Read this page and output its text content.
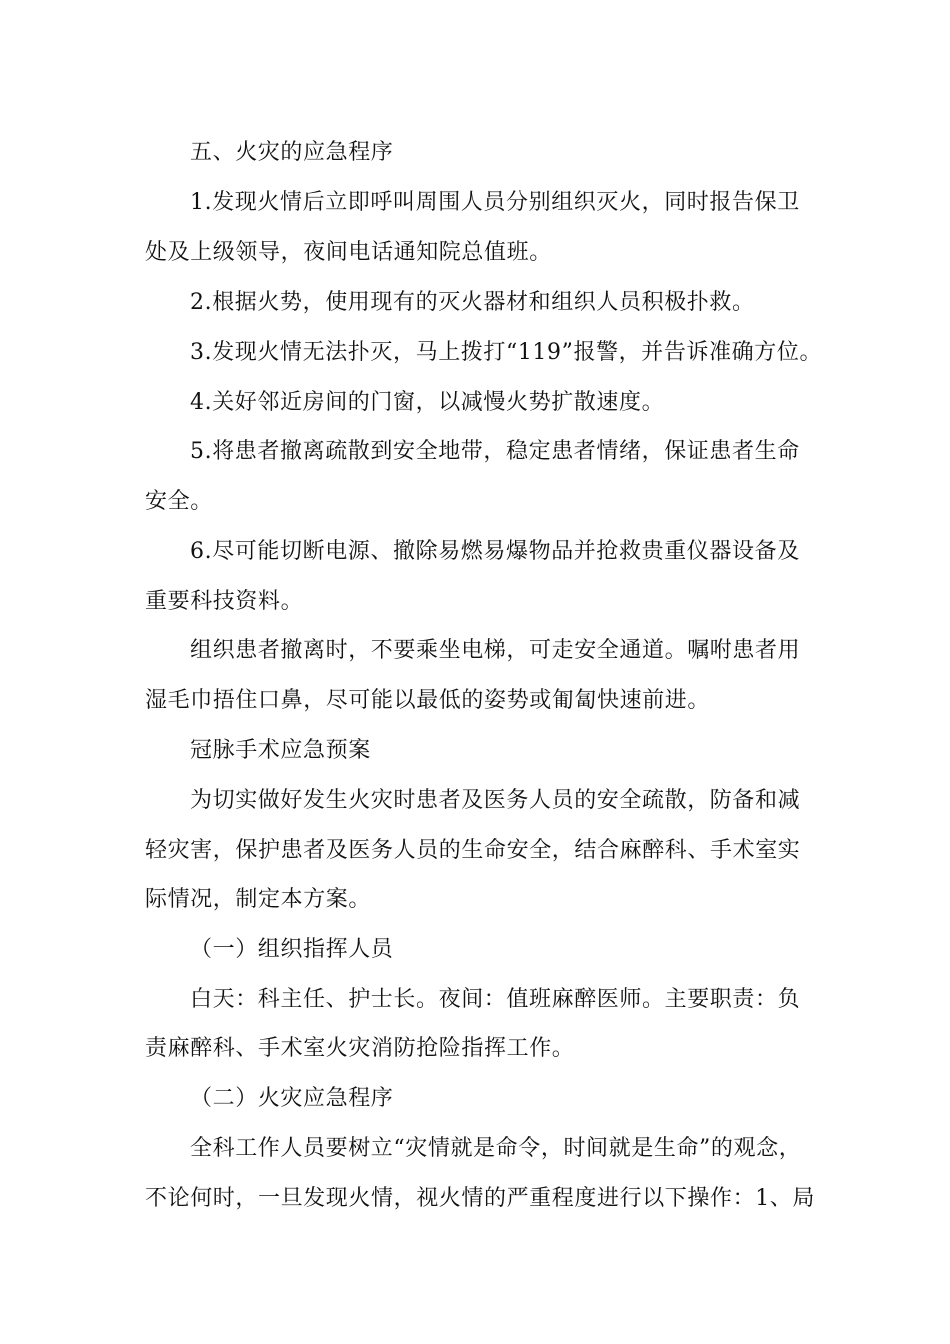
五、火灾的应急程序
1.发现火情后立即呼叫周围人员分别组织灭火，同时报告保卫
处及上级领导，夜间电话通知院总值班。
2.根据火势，使用现有的灭火器材和组织人员积极扑救。
3.发现火情无法扑灭，马上拨打“119”报警，并告诉准确方位。
4.关好邻近房间的门窗，以减慢火势扩散速度。
5.将患者撤离疏散到安全地带，稳定患者情绪，保证患者生命
安全。
6.尽可能切断电源、撤除易燃易爆物品并抢救贵重仪器设备及
重要科技资料。
组织患者撤离时，不要乘坐电梯，可走安全通道。嘱咐患者用
湿毛巾捂住口鼻，尽可能以最低的姿势或匍匐快速前进。
冠脉手术应急预案
为切实做好发生火灾时患者及医务人员的安全疏散，防备和减
轻灾害，保护患者及医务人员的生命安全，结合麻醉科、手术室实
际情况，制定本方案。
（一）组织指挥人员
白天：科主任、护士长。夜间：值班麻醉医师。主要职责：负
责麻醉科、手术室火灾消防抢险指挥工作。
（二）火灾应急程序
全科工作人员要树立“灾情就是命令，时间就是生命”的观念，
不论何时，一旦发现火情，视火情的严重程度进行以下操作：1、局
